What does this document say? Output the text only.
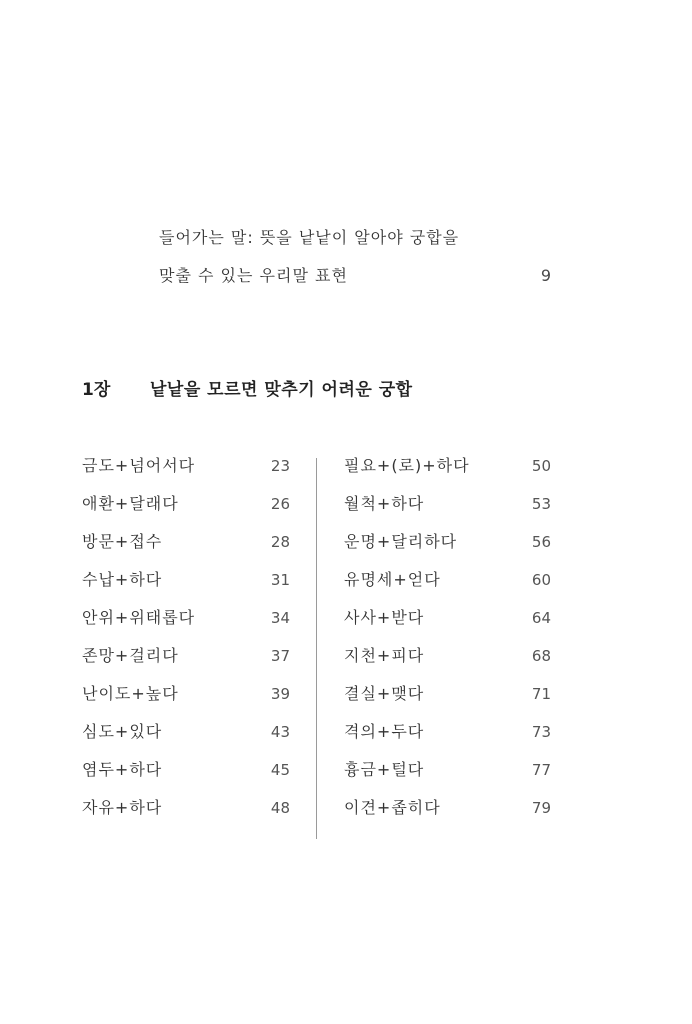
들어가는 말: 뜻을 낱낱이 알아야 궁합을
맞출 수 있는 우리말 표현	9
1장 낱낱을 모르면 맞추기 어려운 궁합
금도+넘어서다	23
애환+달래다	26
방문+접수	28
수납+하다	31
안위+위태롭다	34
존망+걸리다	37
난이도+높다	39
심도+있다	43
염두+하다	45
자유+하다	48
필요+(로)+하다	50
월척+하다	53
운명+달리하다	56
유명세+얻다	60
사사+받다	64
지천+피다	68
결실+맺다	71
격의+두다	73
흉금+털다	77
이견+좁히다	79
